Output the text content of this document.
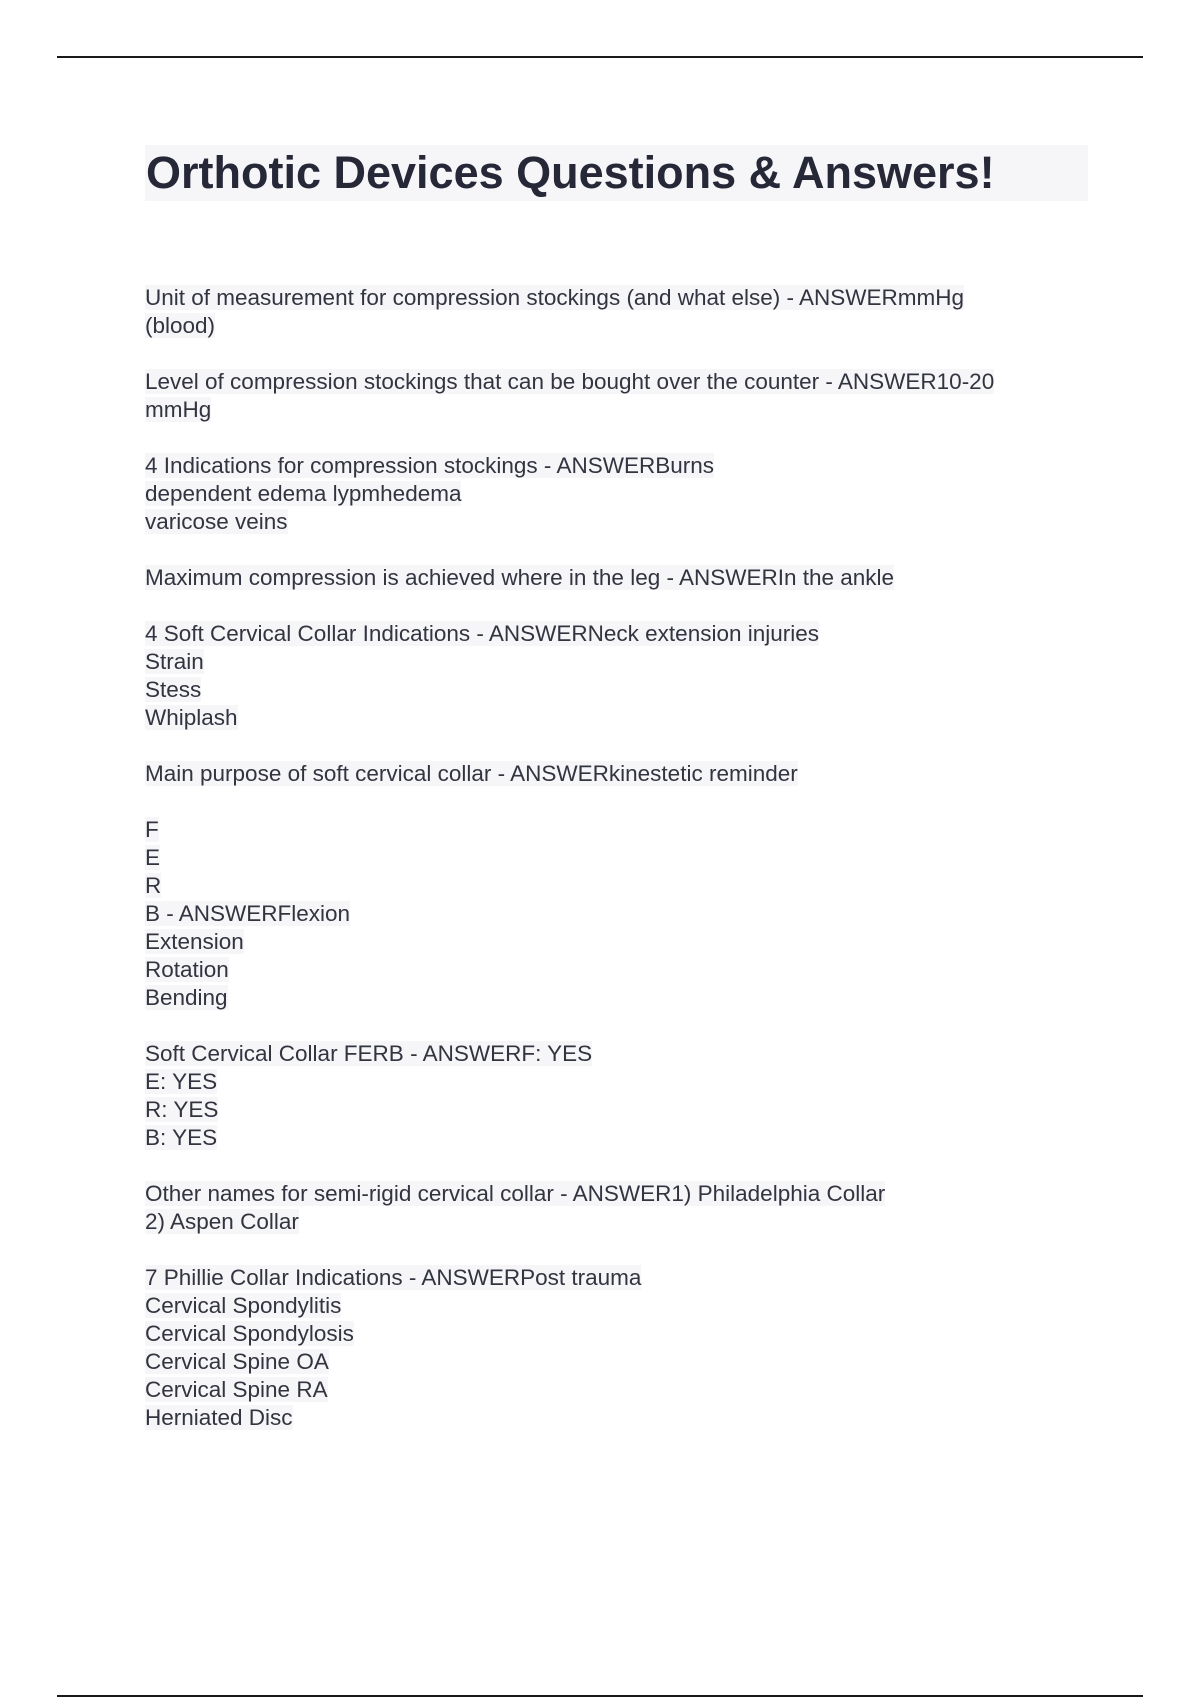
Orthotic Devices Questions & Answers!
Unit of measurement for compression stockings (and what else) - ANSWERmmHg
(blood)
Level of compression stockings that can be bought over the counter - ANSWER10-20
mmHg
4 Indications for compression stockings - ANSWERBurns
dependent edema lypmhedema
varicose veins
Maximum compression is achieved where in the leg - ANSWERIn the ankle
4 Soft Cervical Collar Indications - ANSWERNeck extension injuries
Strain
Stess
Whiplash
Main purpose of soft cervical collar - ANSWERkinestetic reminder
F
E
R
B - ANSWERFlexion
Extension
Rotation
Bending
Soft Cervical Collar FERB - ANSWERF: YES
E: YES
R: YES
B: YES
Other names for semi-rigid cervical collar - ANSWER1) Philadelphia Collar
2) Aspen Collar
7 Phillie Collar Indications - ANSWERPost trauma
Cervical Spondylitis
Cervical Spondylosis
Cervical Spine OA
Cervical Spine RA
Herniated Disc
